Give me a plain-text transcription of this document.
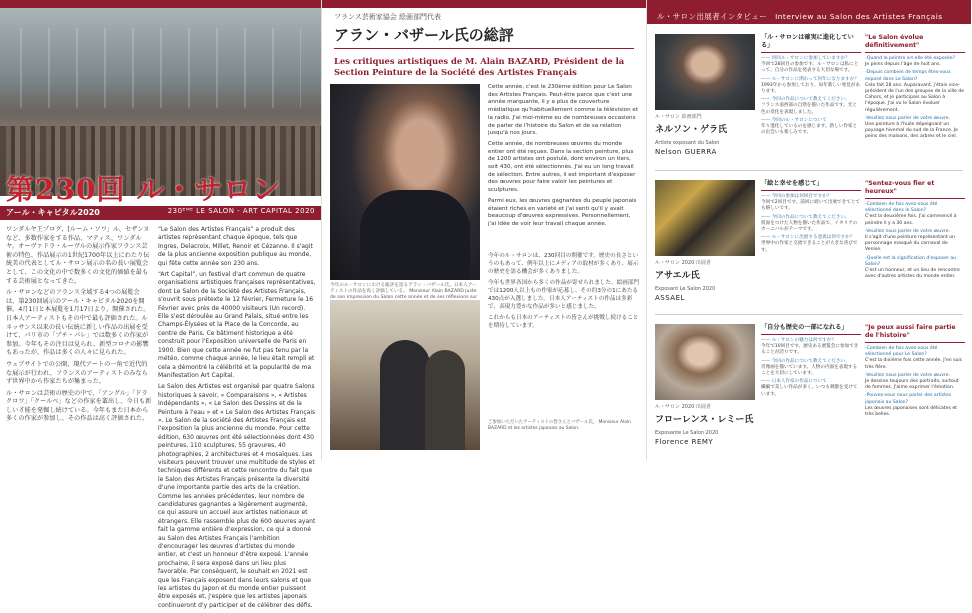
第230回 ル・サロン
アール・キャピタル2020	230ᴱᴹᴱ LE SALON - ART CAPITAL 2020

ワンダルヤ王プログ、[ルーム・ソワ」ル、セザンヌなど、多数作家をする作品、マティス、ワンダルヤ。オーヴァドラ・ルーヴルの展示作家フランス芸術の特色、作品展示の1世紀1700年以上にわたり伝統美の代表としてル・サロン展示の名の長い展覧会として、この文化の中で数多くの文化的価値を最もする芸術展となってきた。

ル・サロンなどのフランス全域する4つの展覧会は、第230回展示のアール・キャピタル2020を開催。4月1日と本展覧を1月17日より、開催された。日本人アーティストもその中で最も評価された。ルネッサンス以来の長い伝統に新しい作品の出展を受けて、パリ市の「プチ・パレ」では数多くの作家が参加。今年もその注目は見られ、新型コロナの影響もあったが、作品は多くの人々に見られた。

ウェブサイトでの公開、現代アートの一角で近代的な展示が行われ、フランスのアーティストのみならず世界中から作家たちが集まった。

ル・サロンは芸術の歴史の中で、「アングル」「ドラクロワ」「クールベ」などの作家を輩出し、今日も新しい才能を発掘し続けている。今年もまた日本から多くの作家が参加し、その作品は高く評価された。

“Le Salon des Artistes Français” a produit des artistes représentant chaque époque, tels que Ingres, Delacroix, Millet, Renoir et Cézanne. Il s'agit de la plus ancienne exposition publique au monde, qui fête cette année son 230 ans.

“Art Capital”, un festival d'art commun de quatre organisations artistiques françaises représentatives, dont Le Salon de la Société des Artistes Français, s'ouvrit sous prétexte le 12 février, Fermeture le 16 Février avec près de 40000 visiteurs (Un record). Elle s'est déroulée au Grand Palais, situé entre les Champs-Élysées et la Place de la Concorde, au centre de Paris. Ce bâtiment historique a été construit pour l'Exposition universelle de Paris en 1900. Bien que cette année ne fut pas tenu par la météo, comme chaque année, le lieu était rempli et cela a démontré la célébrité et la popularité de ma Manifestation Art Capital.

Le Salon des Artistes est organisé par quatre Salons historiques à savoir, « Comparaisons », « Artistes Indépendants », « Le Salon des Dessins et de la Peinture à l'eau » et « Le Salon des Artistes Français ». Le Salon de la société des Artistes Français est l'exposition la plus ancienne du monde. Pour cette édition, 630 œuvres ont été sélectionnées dont 430 peintures, 110 sculptures, 55 gravures, 40 photographies, 2 architectures et 4 mosaïques. Les visiteurs peuvent trouver une multitude de styles et techniques différents et cette rencontre du fait que le Salon des Artistes Français présente la diversité d'une importante partie des arts de la création. Comme les années précédentes, leur nombre de candidatures gagnantes a légèrement augmenté, ce qui assure un accueil aux artistes nationaux et étrangers. Elle rassemble plus de 600 œuvres ayant fait la gamme entière d'expression, ce qui a donné au Salon des Artistes Français l'ambition d'encourager les œuvres d'artistes du monde entier, et c'est un honneur d'être exposé. L'année prochaine, il sera exposé dans un lieu plus favorable. Par conséquent, le souhait en 2021 est que les Français exposent dans leurs salons et que les artistes du Japon et du monde entier puissent être exposés et, j'espère que les artistes japonais continueront d'y participer et de célébrer des défis.

フランス芸術家協会 絵画部門代表
アラン・バザール氏の総評
Les critiques artistiques de M. Alain BAZARD, Président de la Section Peinture de la Société des Artistes Français
今年のル・サロンにおける総評を語るアラン・バザール氏。日本人アーティストの作品を高く評価している。 Monsieur Alain BAZARD juste de son impression du Salon cette année et de ses réflexions sur

Cette année, c'est le 230ème édition pour Le Salon des Artistes Français. Peut-être parce que c'est une année marquante, il y a plus de couverture médiatique qu'habituellement comme la télévision et la radio. J'ai moi-même eu de nombreuses occasions de parler de l'histoire du Salon et de sa relation jusqu'à nos jours.

Cette année, de nombreuses œuvres du monde entier ont été reçues. Dans la section peinture, plus de 1200 artistes ont postulé, dont environ un tiers, soit 430, ont été sélectionnés. J'ai eu un long travail de sélection. Entre autres, il est important d'exposer des œuvres pour faire valoir les peintures et sculptures.

Parmi eux, les œuvres gagnantes du peuple japonais étaient riches en variété et j'ai senti qu'il y avait beaucoup d'œuvres expressives. Personnellement, j'ai idée de voir leur travail chaque année.

今年のル・サロンは、230回目の開催です。歴史の長さというのもあって、例年以上にメディアの取材が多くあり、展示の歴史を語る機会が多くありました。

今年も世界各国から多くの作品が寄せられました。絵画部門では1200人以上もの作家が応募し、その約3分の1にあたる430点が入選しました。日本人アーティストの作品は多彩で、表現力豊かな作品が多いと感じました。

これからも日本のアーティストの皆さんが挑戦し続けることを期待しています。

ご参加いただいたアーティストの皆さんとバザール氏。 Monsieur Alain BAZARD et les artistes japonais au Salon.
ル・サロン出展者インタビュー　Interview au Salon des Artistes Français
ル・サロン 絵画部門
ネルソン・ゲラ氏
Artiste exposant du Salon
Nelson GUERRA
「ル・サロンは確実に進化している」
—— 何回ル・サロンに参加していますか？
今回で28回目の参加です。ル・サロンは私にとって、自分の作品を発表する大切な場です。
—— ル・サロンに関わって何年になりますか？
1993年から参加しており、毎年新しい発見があります。
—— 今回の作品について教えてください。
フランス南西部の自然を描いた作品です。光と色の変化を表現しました。
—— 今回のル・サロンについて
年々進化しているのを感じます。新しい作家との出会いも楽しみです。
"Le Salon évolue définitivement"
-Quand le peintre a-t-elle été exposée?
Je peins depuis l'âge de huit ans.
-Depuis combien de temps êtes-vous exposé dans Le Salon?
Cela fait 28 ans. Auparavant, j'étais vice-président de l'un des groupes de la ville de Cahors, et je participais au Salon à l'époque. J'ai vu le Salon évoluer régulièrement.
-Veuillez nous parler de votre œuvre.
Une peinture à l'huile dépeignant un paysage hivernal du sud de la France. Je peins des maisons, des arbres et le ciel.
ル・サロン 2020 出展者
アサエル氏
Exposant Le Salon 2020
ASSAEL
「絵と幸せを感じて」
—— 今回の参加は何回目ですか？
今回で2回目です。前回に続いて出展できてとても嬉しいです。
—— 今回の作品について教えてください。
仮面をつけた人物を描いた作品で、イタリアのカーニバルがテーマです。
—— ル・サロンに出展する意義は何ですか？
世界中の作家と交流できることが大きな喜びです。
"Sentez-vous fier et heureux"
-Combien de fois avez-vous été sélectionné dans le Salon?
C'est la deuxième fois. J'ai commencé à peindre il y a 30 ans.
-Veuillez nous parler de votre œuvre.
Il s'agit d'une peinture représentant un personnage masqué du carnaval de Venise.
-Quelle est la signification d'exposer au Salon?
C'est un honneur, et un lieu de rencontre avec d'autres artistes du monde entier.
ル・サロン 2020 出展者
フローレンス・レミー氏
Exposante Le Salon 2020
Florence REMY
「自分も歴史の一部になれる」
—— ル・サロンの魅力は何ですか？
今年で10回目です。歴史ある展覧会に参加できることが誇りです。
—— 今回の作品について教えてください。
肖像画を描いています。人物の内面を表現することを大切にしています。
—— 日本人作家の作品について
繊細で美しい作品が多く、いつも刺激を受けています。
"Je peux aussi faire partie de l'histoire"
-Combien de fois avez-vous été sélectionné pour Le Salon?
C'est la dixième fois cette année. J'en suis très fière.
-Veuillez nous parler de votre œuvre.
Je dessine toujours des portraits, surtout de femmes. J'aime exprimer l'émotion.
-Pouvez-vous nous parler des artistes japonais au Salon?
Les œuvres japonaises sont délicates et très belles.
